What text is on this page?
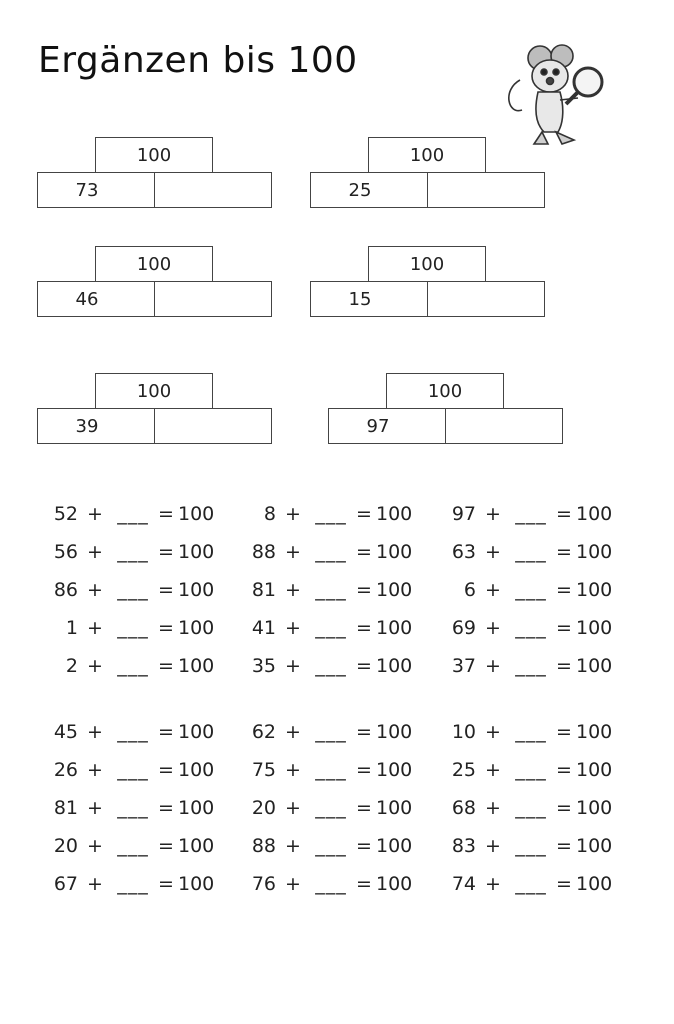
Ergänzen bis 100
100
73
100
25
100
46
100
15
100
39
100
97
52 + ___ = 100
56 + ___ = 100
86 + ___ = 100
1 + ___ = 100
2 + ___ = 100
8 + ___ = 100
88 + ___ = 100
81 + ___ = 100
41 + ___ = 100
35 + ___ = 100
97 + ___ = 100
63 + ___ = 100
6 + ___ = 100
69 + ___ = 100
37 + ___ = 100
45 + ___ = 100
26 + ___ = 100
81 + ___ = 100
20 + ___ = 100
67 + ___ = 100
62 + ___ = 100
75 + ___ = 100
20 + ___ = 100
88 + ___ = 100
76 + ___ = 100
10 + ___ = 100
25 + ___ = 100
68 + ___ = 100
83 + ___ = 100
74 + ___ = 100
